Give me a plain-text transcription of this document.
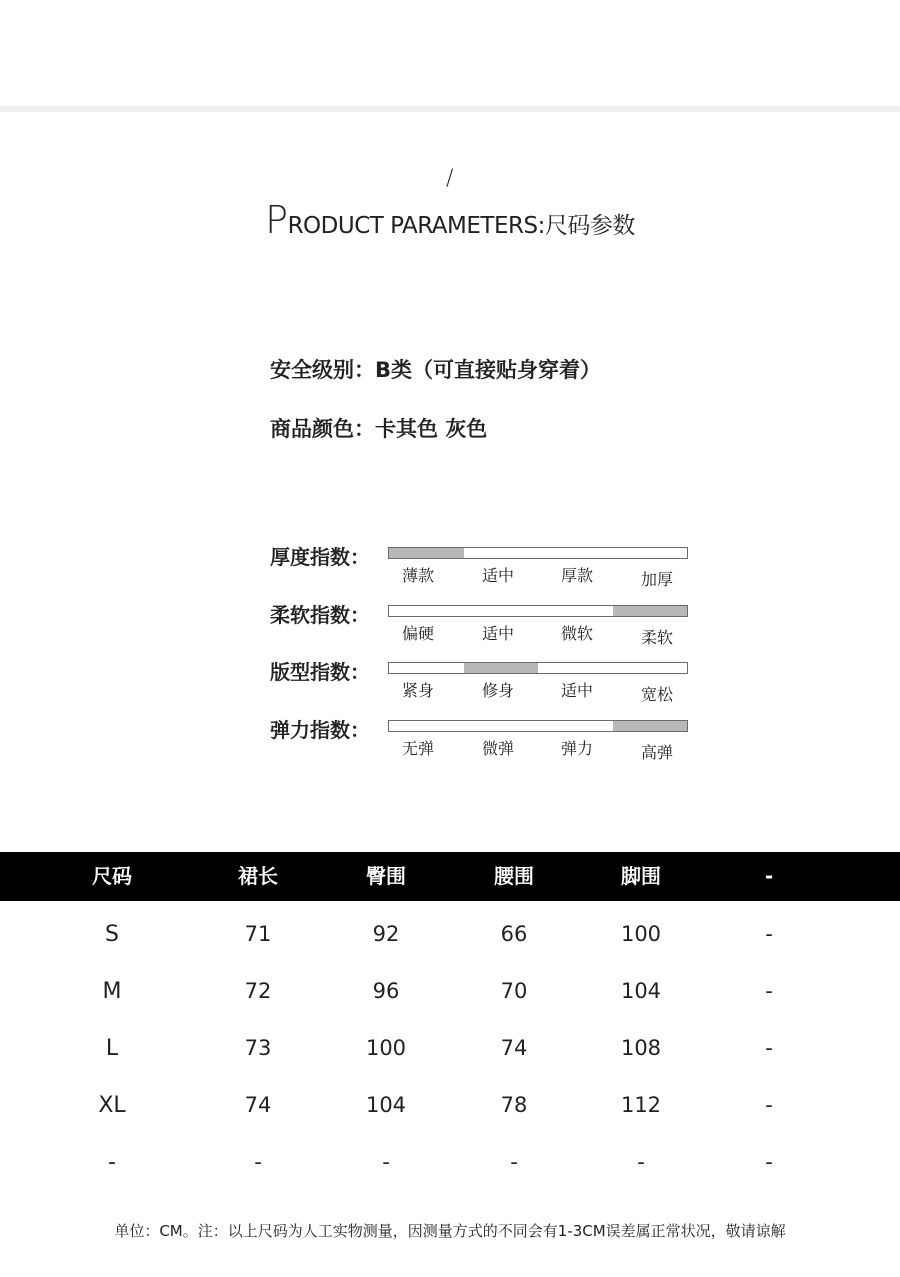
/
PRODUCT PARAMETERS:尺码参数
安全级别：B类（可直接贴身穿着）
商品颜色：卡其色 灰色
厚度指数：
薄款	适中	厚款	加厚
柔软指数：
偏硬	适中	微软	柔软
版型指数：
紧身	修身	适中	宽松
弹力指数：
无弹	微弹	弹力	高弹
尺码	裙长	臀围	腰围	脚围	-
S	71	92	66	100	-
M	72	96	70	104	-
L	73	100	74	108	-
XL	74	104	78	112	-
-	-	-	-	-	-
单位：CM。注：以上尺码为人工实物测量，因测量方式的不同会有1-3CM误差属正常状况，敬请谅解
